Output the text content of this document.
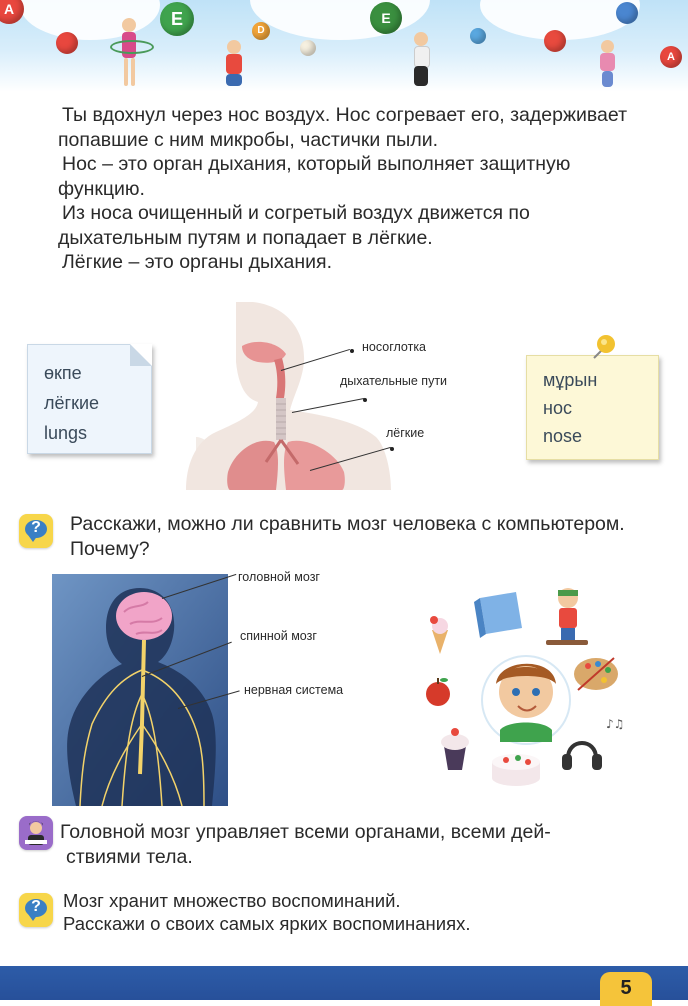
A	E
D
E
A

Ты вдохнул через нос воздух. Нос согревает его, задерживает попавшие с ним микробы, частички пыли.

Нос – это орган дыхания, который выполняет защитную функцию.

Из носа очищенный и согретый воздух движется по дыхательным путям и попадает в лёгкие.

Лёгкие – это органы дыхания.

өкпе
лёгкие
lungs
мұрын
нос
nose
носоглотка
дыхательные пути
лёгкие
?	Расскажи, можно ли сравнить мозг человека с компьютером.
Почему?
головной мозг
спинной мозг
нервная система
♪♫
Головной мозг управляет всеми органами, всеми дей-
ствиями тела.
?	Мозг хранит множество воспоминаний.
Расскажи о своих самых ярких воспоминаниях.
5
